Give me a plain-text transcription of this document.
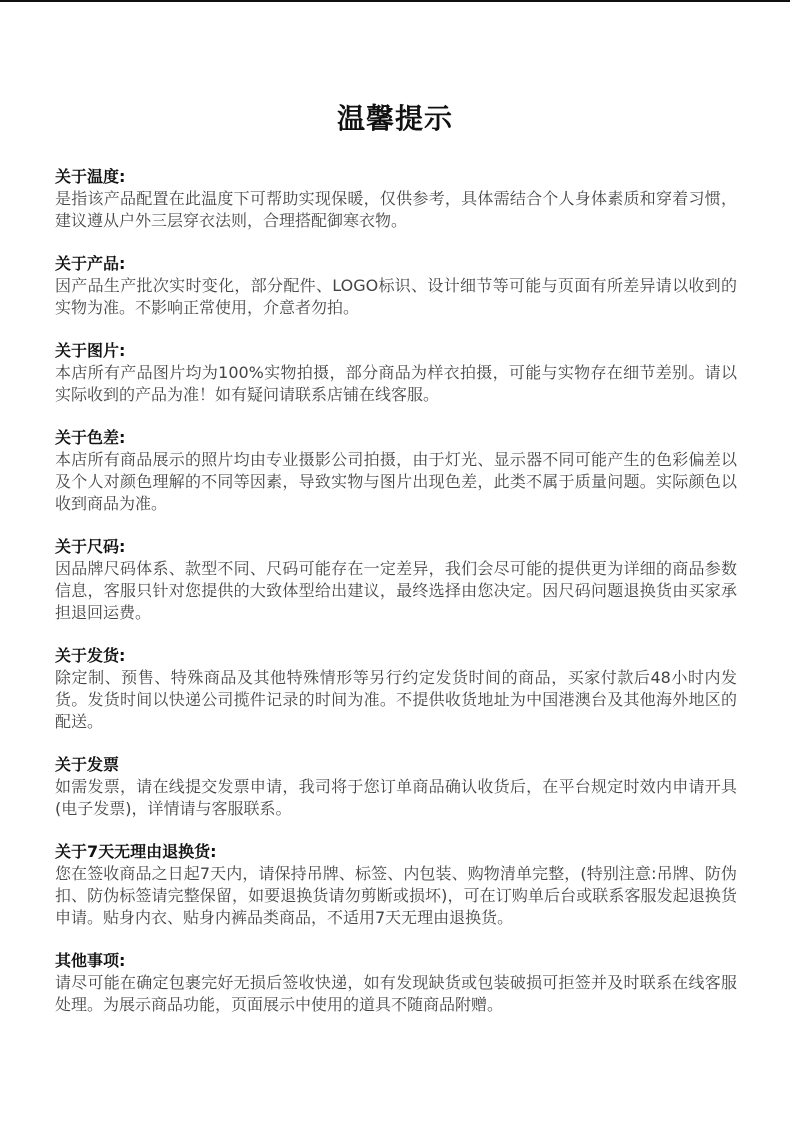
温馨提示

关于温度:

是指该产品配置在此温度下可帮助实现保暖，仅供参考，具体需结合个人身体素质和穿着习惯，建议遵从户外三层穿衣法则，合理搭配御寒衣物。

关于产品:

因产品生产批次实时变化，部分配件、LOGO标识、设计细节等可能与页面有所差异请以收到的实物为准。不影响正常使用，介意者勿拍。

关于图片:

本店所有产品图片均为100%实物拍摄，部分商品为样衣拍摄，可能与实物存在细节差别。请以实际收到的产品为准！如有疑问请联系店铺在线客服。

关于色差:

本店所有商品展示的照片均由专业摄影公司拍摄，由于灯光、显示器不同可能产生的色彩偏差以及个人对颜色理解的不同等因素，导致实物与图片出现色差，此类不属于质量问题。实际颜色以收到商品为准。

关于尺码:

因品牌尺码体系、款型不同、尺码可能存在一定差异，我们会尽可能的提供更为详细的商品参数信息，客服只针对您提供的大致体型给出建议，最终选择由您决定。因尺码问题退换货由买家承担退回运费。

关于发货:

除定制、预售、特殊商品及其他特殊情形等另行约定发货时间的商品，买家付款后48小时内发货。发货时间以快递公司揽件记录的时间为准。不提供收货地址为中国港澳台及其他海外地区的配送。

关于发票

如需发票，请在线提交发票申请，我司将于您订单商品确认收货后，在平台规定时效内申请开具(电子发票)，详情请与客服联系。

关于7天无理由退换货:

您在签收商品之日起7天内，请保持吊牌、标签、内包装、购物清单完整，(特别注意:吊牌、防伪扣、防伪标签请完整保留，如要退换货请勿剪断或损坏)，可在订购单后台或联系客服发起退换货申请。贴身内衣、贴身内裤品类商品，不适用7天无理由退换货。

其他事项:

请尽可能在确定包裹完好无损后签收快递，如有发现缺货或包装破损可拒签并及时联系在线客服处理。为展示商品功能，页面展示中使用的道具不随商品附赠。
